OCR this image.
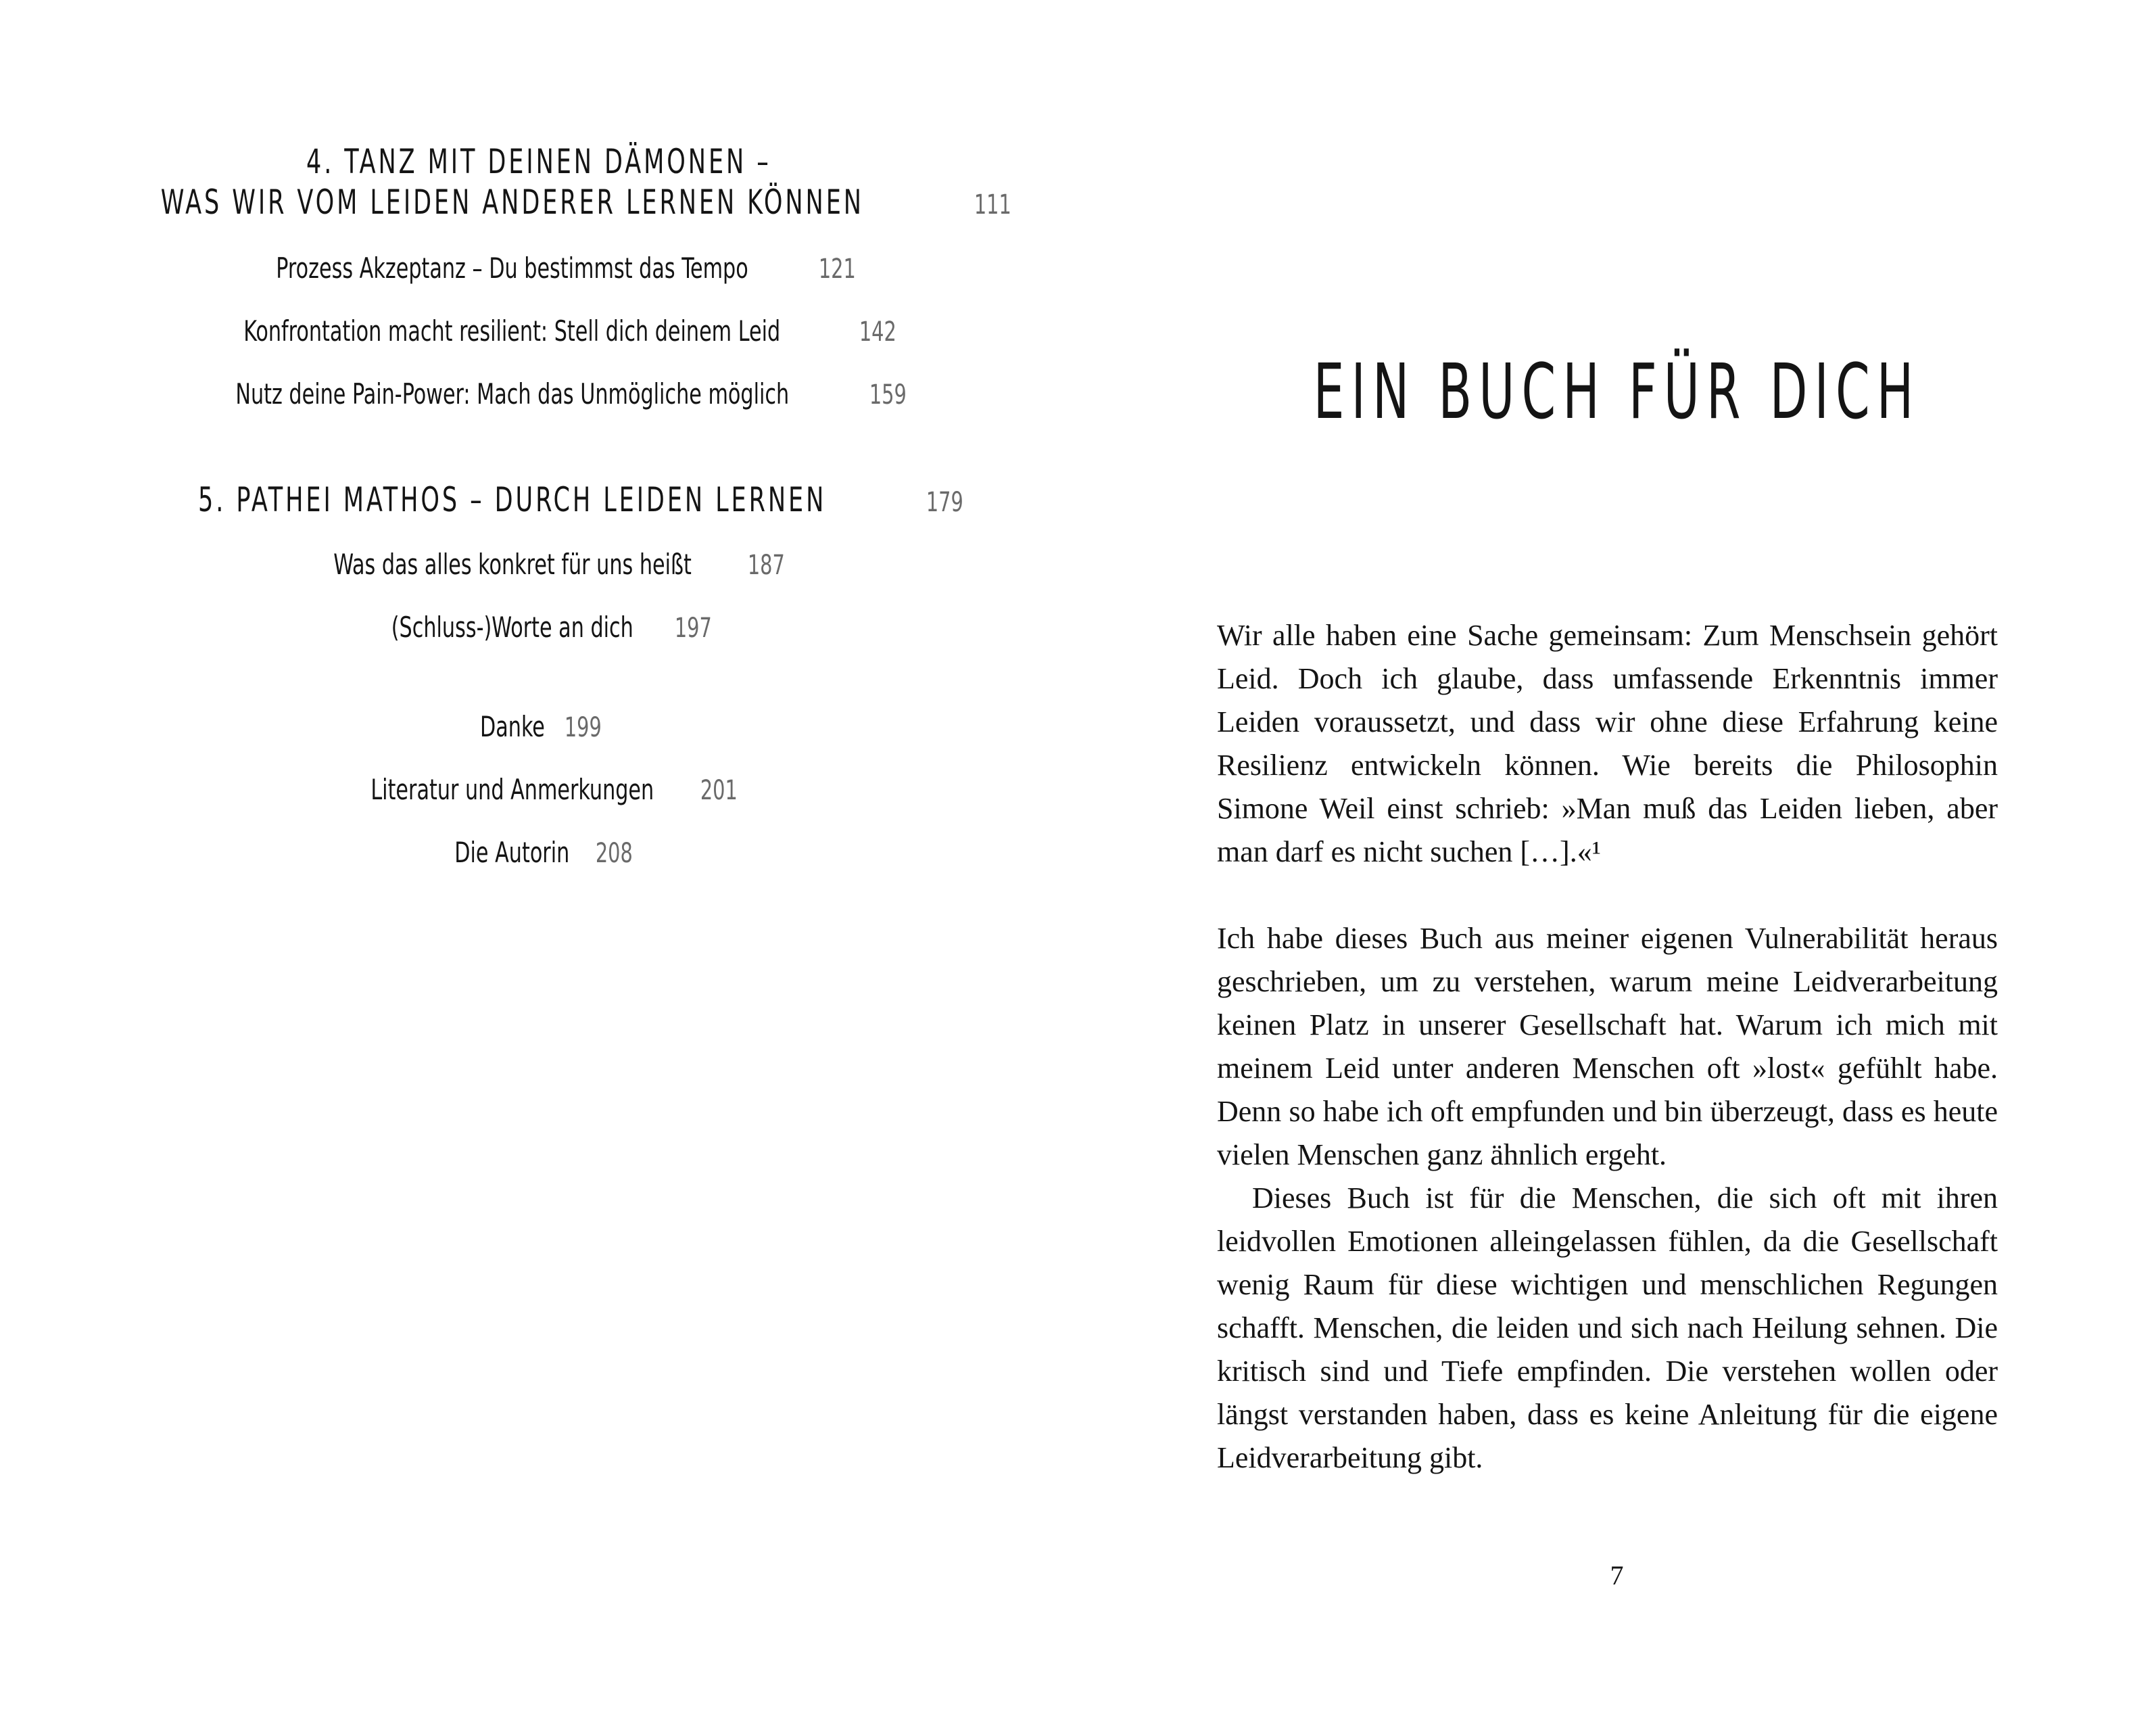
4. TANZ MIT DEINEN DÄMONEN –
WAS WIR VOM LEIDEN ANDERER LERNEN KÖNNEN	111
Prozess Akzeptanz – Du bestimmst das Tempo	121
Konfrontation macht resilient: Stell dich deinem Leid	142
Nutz deine Pain-Power: Mach das Unmögliche möglich	159
5. PATHEI MATHOS – DURCH LEIDEN LERNEN	179
Was das alles konkret für uns heißt 187
(Schluss-)Worte an dich 197
Danke 199
Literatur und Anmerkungen 201
Die Autorin 208
EIN BUCH FÜR DICH

Wir alle haben eine Sache gemeinsam: Zum Menschsein gehört Leid. Doch ich glaube, dass umfassende Erkenntnis immer Leiden voraussetzt, und dass wir ohne diese Erfahrung keine Resilienz entwickeln können. Wie bereits die Philosophin Simone Weil einst schrieb: »Man muß das Leiden lieben, aber man darf es nicht suchen […].«¹

Ich habe dieses Buch aus meiner eigenen Vulnerabilität heraus geschrieben, um zu verstehen, warum meine Leidverarbeitung keinen Platz in unserer Gesellschaft hat. Warum ich mich mit meinem Leid unter anderen Menschen oft »lost« gefühlt habe. Denn so habe ich oft empfunden und bin überzeugt, dass es heute vielen Menschen ganz ähnlich ergeht.

Dieses Buch ist für die Menschen, die sich oft mit ihren leidvollen Emotionen alleingelassen fühlen, da die Gesellschaft wenig Raum für diese wichtigen und menschlichen Regungen schafft. Menschen, die leiden und sich nach Heilung sehnen. Die kritisch sind und Tiefe empfinden. Die verstehen wollen oder längst verstanden haben, dass es keine Anleitung für die eigene Leidverarbeitung gibt.

7
